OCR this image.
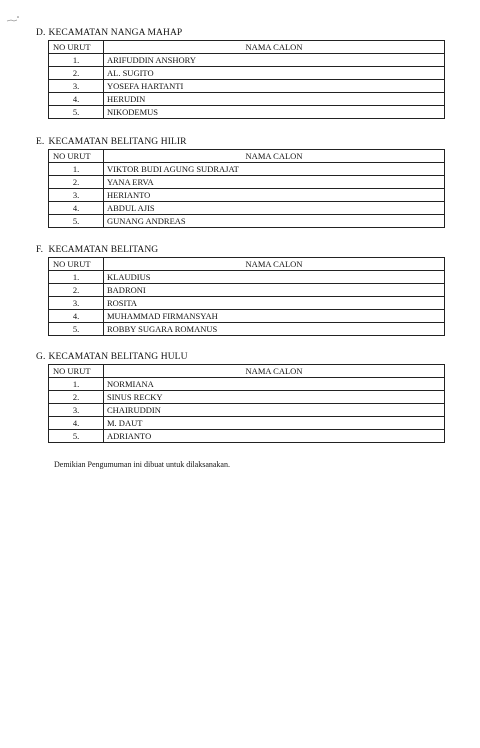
D. KECAMATAN NANGA MAHAP
NO URUT	NAMA CALON
1.	ARIFUDDIN ANSHORY
2.	AL. SUGITO
3.	YOSEFA HARTANTI
4.	HERUDIN
5.	NIKODEMUS
E. KECAMATAN BELITANG HILIR
NO URUT	NAMA CALON
1.	VIKTOR BUDI AGUNG SUDRAJAT
2.	YANA ERVA
3.	HERIANTO
4.	ABDUL AJIS
5.	GUNANG ANDREAS
F. KECAMATAN BELITANG
NO URUT	NAMA CALON
1.	KLAUDIUS
2.	BADRONI
3.	ROSITA
4.	MUHAMMAD FIRMANSYAH
5.	ROBBY SUGARA ROMANUS
G. KECAMATAN BELITANG HULU
NO URUT	NAMA CALON
1.	NORMIANA
2.	SINUS RECKY
3.	CHAIRUDDIN
4.	M. DAUT
5.	ADRIANTO
Demikian Pengumuman ini dibuat untuk dilaksanakan.
